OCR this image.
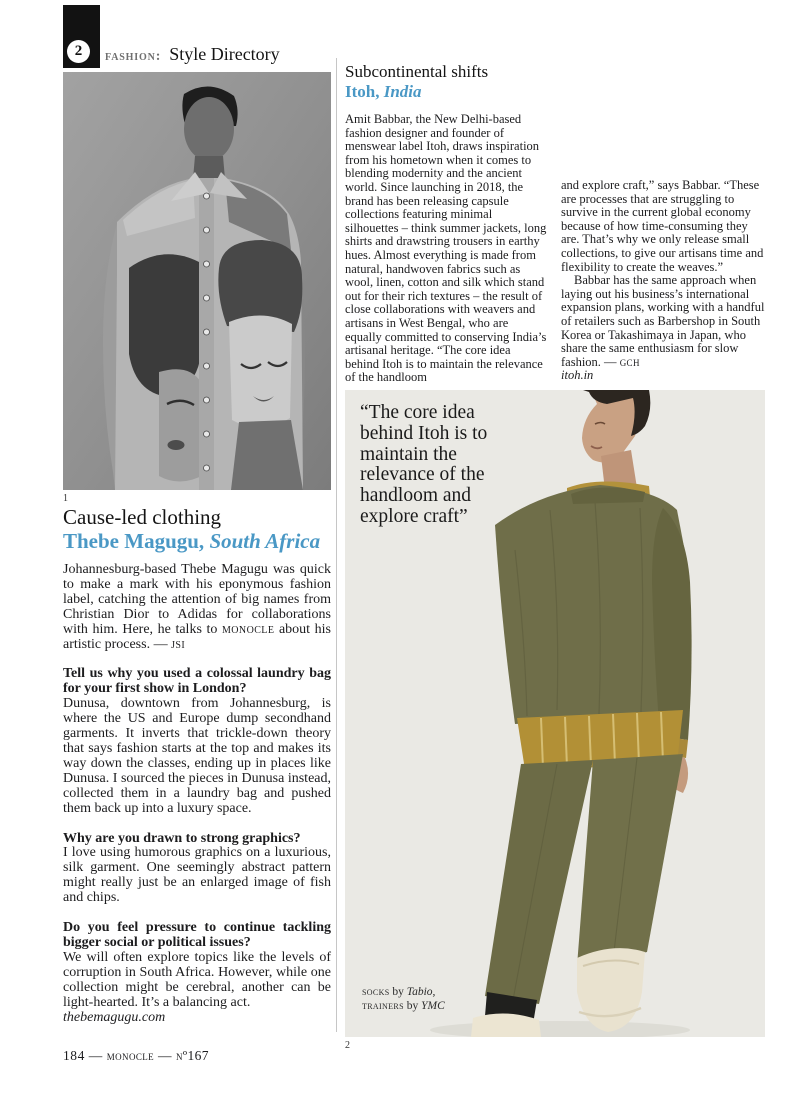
2 fashion: Style Directory
1
Cause-led clothing
Thebe Magugu, South Africa

Johannesburg-based Thebe Magugu was quick to make a mark with his eponymous fashion label, catching the attention of big names from Christian Dior to Adidas for collaborations with him. Here, he talks to monocle about his artistic process. — jsi

Tell us why you used a colossal laundry bag for your first show in London?

Dunusa, downtown from Johannesburg, is where the US and Europe dump secondhand garments. It inverts that trickle-down theory that says fashion starts at the top and makes its way down the classes, ending up in places like Dunusa. I sourced the pieces in Dunusa instead, collected them in a laundry bag and pushed them back up into a luxury space.

Why are you drawn to strong graphics?

I love using humorous graphics on a luxurious, silk garment. One seemingly abstract pattern might really just be an enlarged image of fish and chips.

Do you feel pressure to continue tackling bigger social or political issues?

We will often explore topics like the levels of corruption in South Africa. However, while one collection might be cerebral, another can be light-hearted. It’s a balancing act.

thebemagugu.com

Subcontinental shifts
Itoh, India

Amit Babbar, the New Delhi-based fashion designer and founder of menswear label Itoh, draws inspiration from his hometown when it comes to blending modernity and the ancient world. Since launching in 2018, the brand has been releasing capsule collections featuring minimal silhouettes – think summer jackets, long shirts and drawstring trousers in earthy hues. Almost everything is made from natural, handwoven fabrics such as wool, linen, cotton and silk which stand out for their rich textures – the result of close collaborations with weavers and artisans in West Bengal, who are equally committed to conserving India’s artisanal heritage. “The core idea behind Itoh is to maintain the relevance of the handloom

and explore craft,” says Babbar. “These are processes that are struggling to survive in the current global economy because of how time-consuming they are. That’s why we only release small collections, to give our artisans time and flexibility to create the weaves.”

Babbar has the same approach when laying out his business’s international expansion plans, working with a handful of retailers such as Barbershop in South Korea or Takashimaya in Japan, who share the same enthusiasm for slow fashion. — gch

itoh.in

“The core idea behind Itoh is to maintain the relevance of the handloom and explore craft”
socks by Tabio,
trainers by YMC
2
184 — monocle — nº167
